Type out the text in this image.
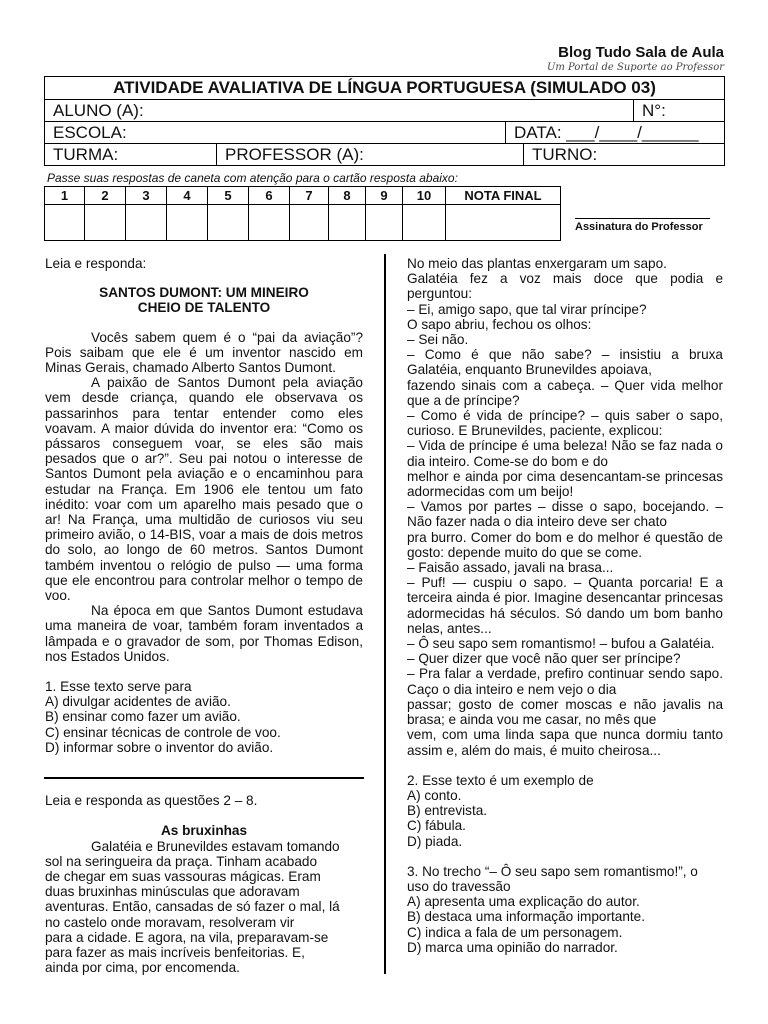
Blog Tudo Sala de Aula
Um Portal de Suporte ao Professor
ATIVIDADE AVALIATIVA DE LÍNGUA PORTUGUESA (SIMULADO 03)
ALUNO (A):	N°:
ESCOLA:	DATA: ___/____/______
TURMA:	PROFESSOR (A):	TURNO:
Passe suas respostas de caneta com atenção para o cartão resposta abaixo:
1	2	3	4	5	6	7	8	9	10	NOTA FINAL

Assinatura do Professor

Leia e responda:

SANTOS DUMONT: UM MINEIRO

CHEIO DE TALENTO

Vocês sabem quem é o “pai da aviação”? Pois saibam que ele é um inventor nascido em Minas Gerais, chamado Alberto Santos Dumont.

A paixão de Santos Dumont pela aviação vem desde criança, quando ele observava os passarinhos para tentar entender como eles voavam. A maior dúvida do inventor era: “Como os pássaros conseguem voar, se eles são mais pesados que o ar?”. Seu pai notou o interesse de Santos Dumont pela aviação e o encaminhou para estudar na França. Em 1906 ele tentou um fato inédito: voar com um aparelho mais pesado que o ar! Na França, uma multidão de curiosos viu seu primeiro avião, o 14-BIS, voar a mais de dois metros do solo, ao longo de 60 metros. Santos Dumont também inventou o relógio de pulso — uma forma que ele encontrou para controlar melhor o tempo de voo.

Na época em que Santos Dumont estudava uma maneira de voar, também foram inventados a lâmpada e o gravador de som, por Thomas Edison, nos Estados Unidos.

1. Esse texto serve para

A) divulgar acidentes de avião.

B) ensinar como fazer um avião.

C) ensinar técnicas de controle de voo.

D) informar sobre o inventor do avião.

Leia e responda as questões 2 – 8.

As bruxinhas

Galatéia e Brunevildes estavam tomando

sol na seringueira da praça. Tinham acabado

de chegar em suas vassouras mágicas. Eram

duas bruxinhas minúsculas que adoravam

aventuras. Então, cansadas de só fazer o mal, lá

no castelo onde moravam, resolveram vir

para a cidade. E agora, na vila, preparavam-se

para fazer as mais incríveis benfeitorias. E,

ainda por cima, por encomenda.

No meio das plantas enxergaram um sapo.

Galatéia fez a voz mais doce que podia e perguntou:

– Ei, amigo sapo, que tal virar príncipe?

O sapo abriu, fechou os olhos:

– Sei não.

– Como é que não sabe? – insistiu a bruxa Galatéia, enquanto Brunevildes apoiava,

fazendo sinais com a cabeça. – Quer vida melhor que a de príncipe?

– Como é vida de príncipe? – quis saber o sapo, curioso. E Brunevildes, paciente, explicou:

– Vida de príncipe é uma beleza! Não se faz nada o dia inteiro. Come-se do bom e do

melhor e ainda por cima desencantam-se princesas adormecidas com um beijo!

– Vamos por partes – disse o sapo, bocejando. – Não fazer nada o dia inteiro deve ser chato

pra burro. Comer do bom e do melhor é questão de gosto: depende muito do que se come.

– Faisão assado, javali na brasa...

– Puf! — cuspiu o sapo. – Quanta porcaria! E a terceira ainda é pior. Imagine desencantar princesas adormecidas há séculos. Só dando um bom banho nelas, antes...

– Ô seu sapo sem romantismo! – bufou a Galatéia.

– Quer dizer que você não quer ser príncipe?

– Pra falar a verdade, prefiro continuar sendo sapo. Caço o dia inteiro e nem vejo o dia

passar; gosto de comer moscas e não javalis na brasa; e ainda vou me casar, no mês que

vem, com uma linda sapa que nunca dormiu tanto assim e, além do mais, é muito cheirosa...

2. Esse texto é um exemplo de

A) conto.

B) entrevista.

C) fábula.

D) piada.

3. No trecho “– Ô seu sapo sem romantismo!”, o uso do travessão

A) apresenta uma explicação do autor.

B) destaca uma informação importante.

C) indica a fala de um personagem.

D) marca uma opinião do narrador.
